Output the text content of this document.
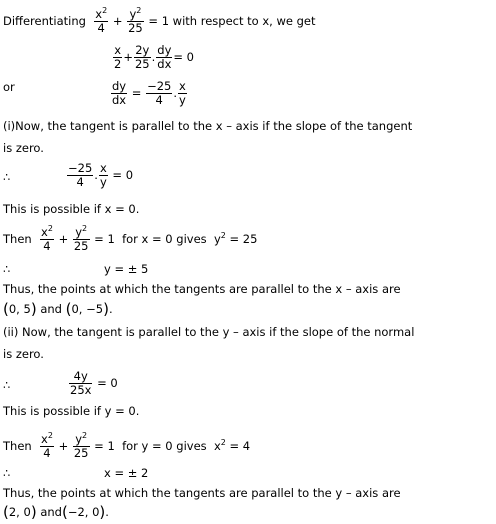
Differentiating $\frac{x^2}{4} + \frac{y^2}{25} = 1$ with respect to x, we get
$\frac{x}{2} + \frac{2y}{25}$ . $\frac{dy}{dx} = 0$
or	$\frac{dy}{dx} = \frac{-25}{4}$ . $\frac{x}{y}$
(i)Now, the tangent is parallel to the x – axis if the slope of the tangent
is zero.
∴	$\frac{-25}{4}$ . $\frac{x}{y} = 0$
This is possible if x = 0.
Then $\frac{x^2}{4} + \frac{y^2}{25} = 1$ for x = 0 gives $y^2 = 25$
∴	y = ± 5
Thus, the points at which the tangents are parallel to the x – axis are
(0, 5) and (0, −5).
(ii) Now, the tangent is parallel to the y – axis if the slope of the normal
is zero.
∴	$\frac{4y}{25x} = 0$
This is possible if y = 0.
Then $\frac{x^2}{4} + \frac{y^2}{25} = 1$ for y = 0 gives $x^2 = 4$
∴	x = ± 2
Thus, the points at which the tangents are parallel to the y – axis are
(2, 0) and(−2, 0).
